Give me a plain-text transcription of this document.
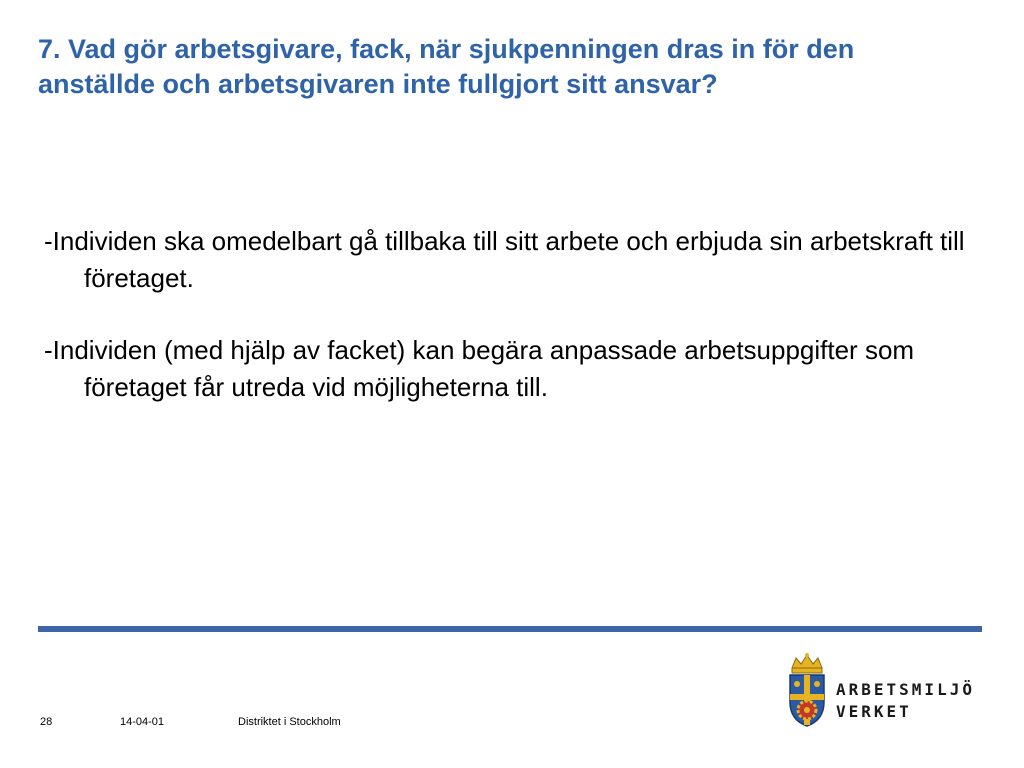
7. Vad gör arbetsgivare, fack, när sjukpenningen dras in för den anställde och arbetsgivaren inte fullgjort sitt ansvar?
-Individen ska omedelbart gå tillbaka till sitt arbete och erbjuda sin arbetskraft till företaget.
-Individen (med hjälp av facket) kan begära anpassade arbetsuppgifter som företaget får utreda vid möjligheterna till.
28	14-04-01	Distriktet i Stockholm
ARBETSMILJÖ
VERKET
